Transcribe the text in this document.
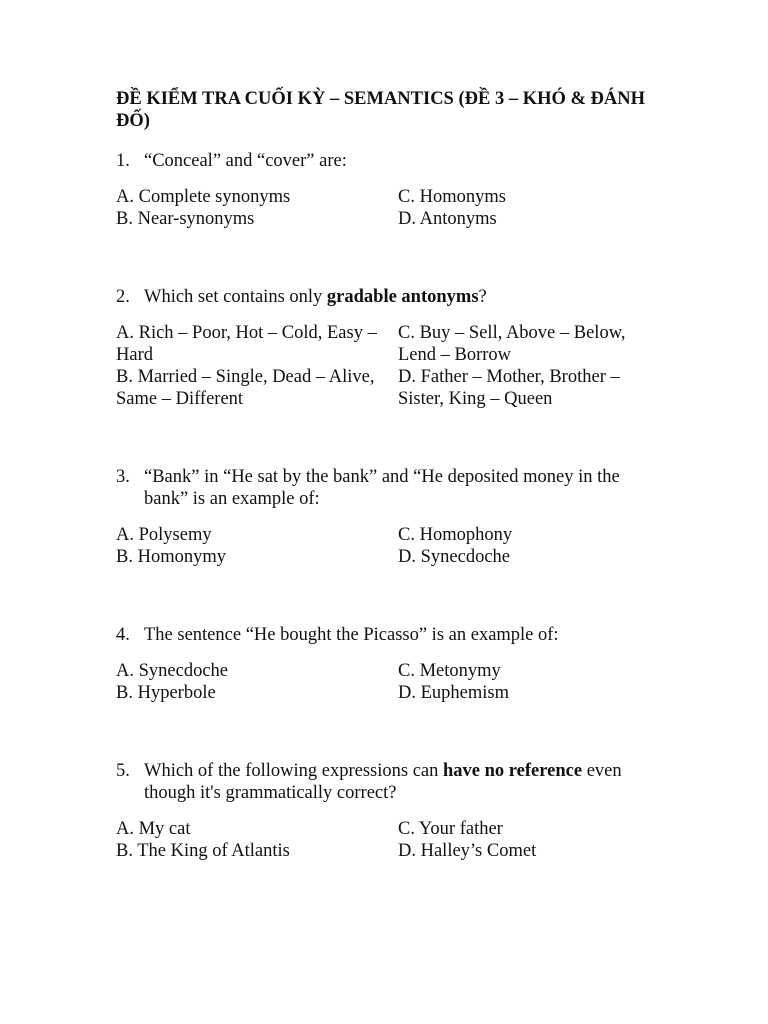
ĐỀ KIỂM TRA CUỐI KỲ – SEMANTICS (ĐỀ 3 – KHÓ & ĐÁNH ĐỐ)

1. “Conceal” and “cover” are:

A. Complete synonyms

B. Near-synonyms

C. Homonyms

D. Antonyms

2. Which set contains only gradable antonyms?

A. Rich – Poor, Hot – Cold, Easy – Hard

B. Married – Single, Dead – Alive, Same – Different

C. Buy – Sell, Above – Below, Lend – Borrow

D. Father – Mother, Brother – Sister, King – Queen

3. “Bank” in “He sat by the bank” and “He deposited money in the bank” is an example of:

A. Polysemy

B. Homonymy

C. Homophony

D. Synecdoche

4. The sentence “He bought the Picasso” is an example of:

A. Synecdoche

B. Hyperbole

C. Metonymy

D. Euphemism

5. Which of the following expressions can have no reference even though it's grammatically correct?

A. My cat

B. The King of Atlantis

C. Your father

D. Halley’s Comet
